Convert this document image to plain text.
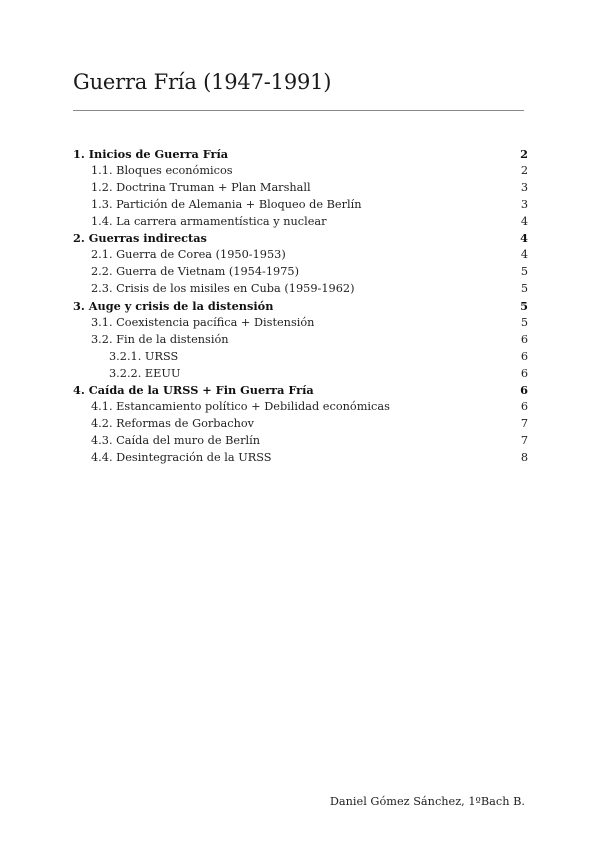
Guerra Fría (1947-1991)
1. Inicios de Guerra Fría	2
1.1. Bloques económicos	2
1.2. Doctrina Truman + Plan Marshall	3
1.3. Partición de Alemania + Bloqueo de Berlín	3
1.4. La carrera armamentística y nuclear	4
2. Guerras indirectas	4
2.1. Guerra de Corea (1950-1953)	4
2.2. Guerra de Vietnam (1954-1975)	5
2.3. Crisis de los misiles en Cuba (1959-1962)	5
3. Auge y crisis de la distensión	5
3.1. Coexistencia pacífica + Distensión	5
3.2. Fin de la distensión	6
3.2.1. URSS	6
3.2.2. EEUU	6
4. Caída de la URSS + Fin Guerra Fría	6
4.1. Estancamiento político + Debilidad económicas	6
4.2. Reformas de Gorbachov	7
4.3. Caída del muro de Berlín	7
4.4. Desintegración de la URSS	8
Daniel Gómez Sánchez, 1ºBach B.
